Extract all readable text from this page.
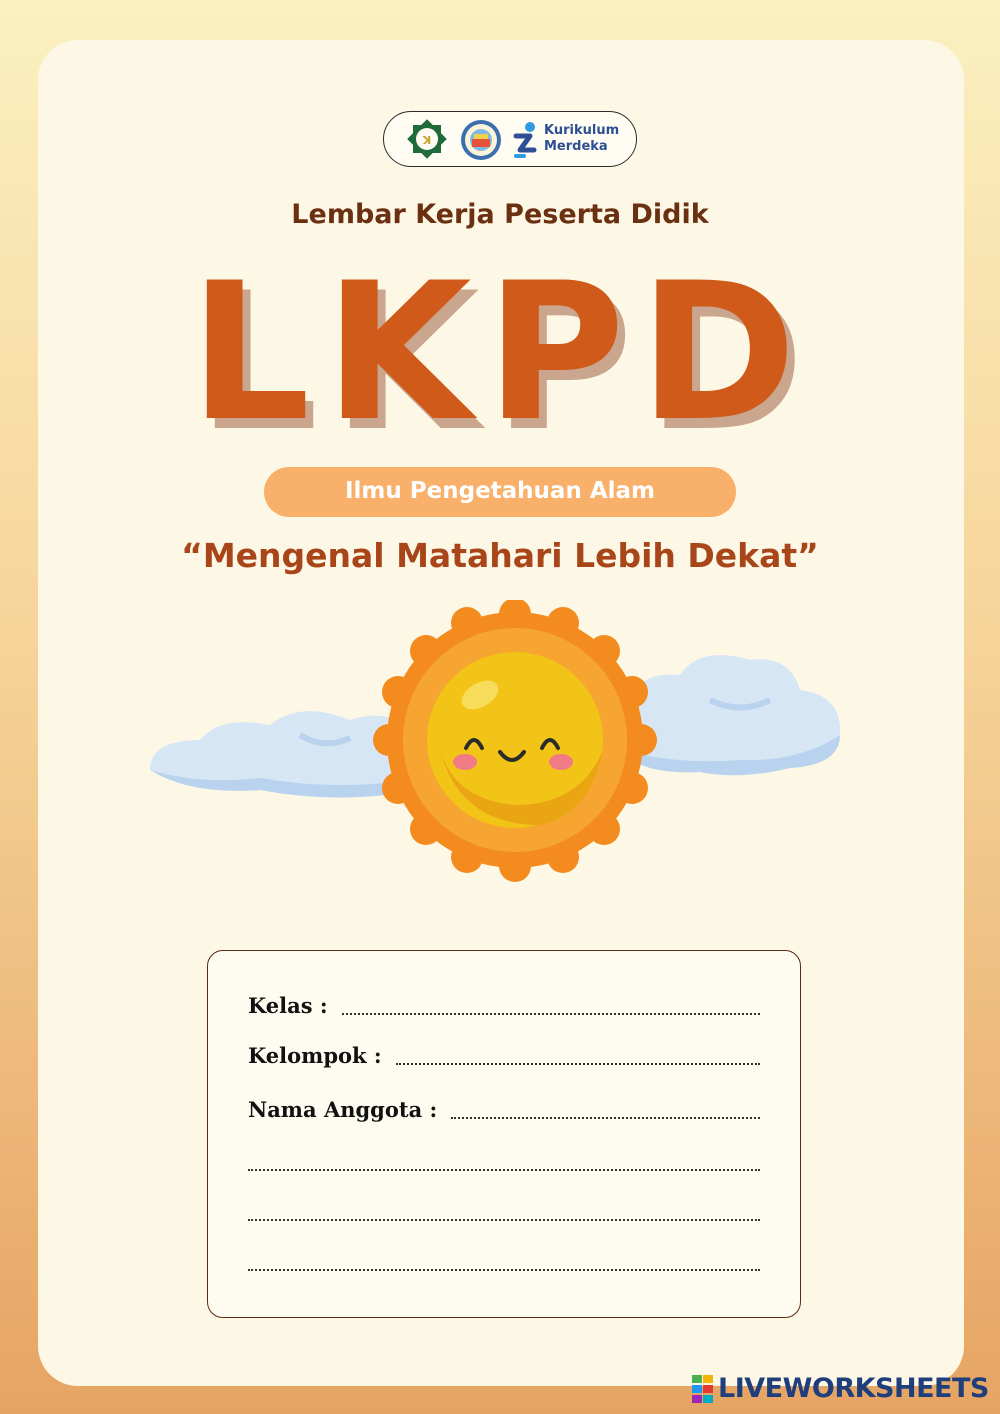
ꓘ
Kurikulum
Merdeka
Lembar Kerja Peserta Didik
LKPD
Ilmu Pengetahuan Alam
“Mengenal Matahari Lebih Dekat”
Kelas :
Kelompok :
Nama Anggota :
LIVEWORKSHEETS
